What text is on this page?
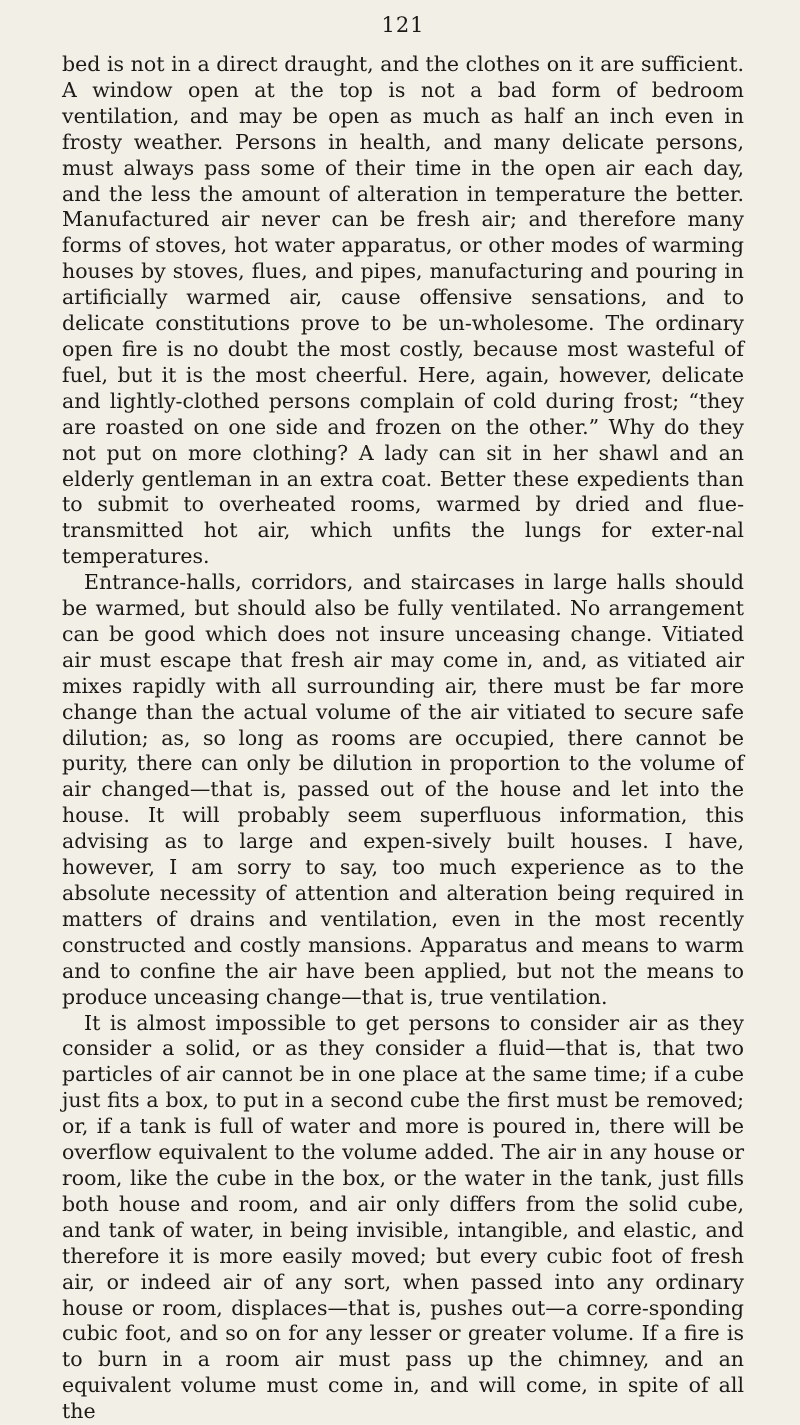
121

bed is not in a direct draught, and the clothes on it are sufficient. A window open at the top is not a bad form of bedroom ventilation, and may be open as much as half an inch even in frosty weather. Persons in health, and many delicate persons, must always pass some of their time in the open air each day, and the less the amount of alteration in temperature the better. Manufactured air never can be fresh air; and therefore many forms of stoves, hot water apparatus, or other modes of warming houses by stoves, flues, and pipes, manufacturing and pouring in artificially warmed air, cause offensive sensations, and to delicate constitutions prove to be un-wholesome. The ordinary open fire is no doubt the most costly, because most wasteful of fuel, but it is the most cheerful. Here, again, however, delicate and lightly-clothed persons complain of cold during frost; “they are roasted on one side and frozen on the other.” Why do they not put on more clothing? A lady can sit in her shawl and an elderly gentleman in an extra coat. Better these expedients than to submit to overheated rooms, warmed by dried and flue-transmitted hot air, which unfits the lungs for exter-nal temperatures.

Entrance-halls, corridors, and staircases in large halls should be warmed, but should also be fully ventilated. No arrangement can be good which does not insure unceasing change. Vitiated air must escape that fresh air may come in, and, as vitiated air mixes rapidly with all surrounding air, there must be far more change than the actual volume of the air vitiated to secure safe dilution; as, so long as rooms are occupied, there cannot be purity, there can only be dilution in proportion to the volume of air changed—that is, passed out of the house and let into the house. It will probably seem superfluous information, this advising as to large and expen-sively built houses. I have, however, I am sorry to say, too much experience as to the absolute necessity of attention and alteration being required in matters of drains and ventilation, even in the most recently constructed and costly mansions. Apparatus and means to warm and to confine the air have been applied, but not the means to produce unceasing change—that is, true ventilation.

It is almost impossible to get persons to consider air as they consider a solid, or as they consider a fluid—that is, that two particles of air cannot be in one place at the same time; if a cube just fits a box, to put in a second cube the first must be removed; or, if a tank is full of water and more is poured in, there will be overflow equivalent to the volume added. The air in any house or room, like the cube in the box, or the water in the tank, just fills both house and room, and air only differs from the solid cube, and tank of water, in being invisible, intangible, and elastic, and therefore it is more easily moved; but every cubic foot of fresh air, or indeed air of any sort, when passed into any ordinary house or room, displaces—that is, pushes out—a corre-sponding cubic foot, and so on for any lesser or greater volume. If a fire is to burn in a room air must pass up the chimney, and an equivalent volume must come in, and will come, in spite of all the
